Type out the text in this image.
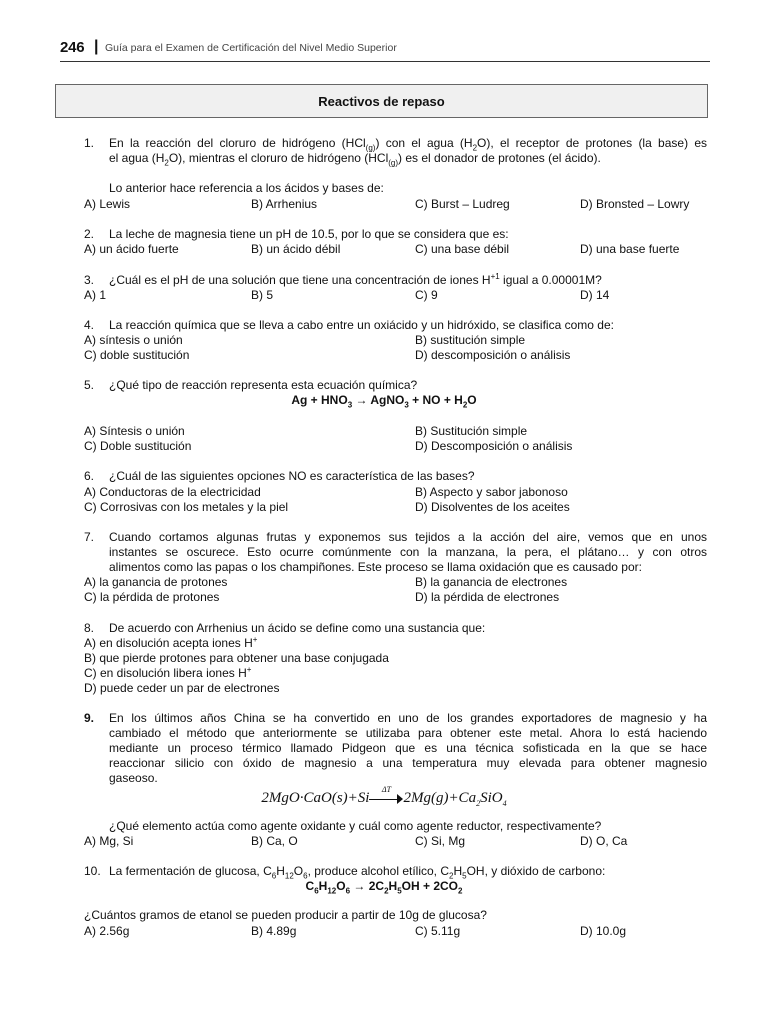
246 | Guía para el Examen de Certificación del Nivel Medio Superior
Reactivos de repaso
1. En la reacción del cloruro de hidrógeno (HCl$_{(g)}$) con el agua $(H_2O)$, el receptor de protones (la base) es
el agua $(H_2O)$, mientras el cloruro de hidrógeno (HCl$_{(g)}$) es el donador de protones (el ácido).
Lo anterior hace referencia a los ácidos y bases de:
A) Lewis	B) Arrhenius	C) Burst – Ludreg	D) Bronsted – Lowry
2. La leche de magnesia tiene un pH de 10.5, por lo que se considera que es:
A) un ácido fuerte	B) un ácido débil	C) una base débil	D) una base fuerte
3. ¿Cuál es el pH de una solución que tiene una concentración de iones $H^{+1}$ igual a 0.00001M?
A) 1	B) 5	C) 9	D) 14
4. La reacción química que se lleva a cabo entre un oxiácido y un hidróxido, se clasifica como de:
A) síntesis o unión	B) sustitución simple
C) doble sustitución	D) descomposición o análisis
5. ¿Qué tipo de reacción representa esta ecuación química?
$Ag + HNO_3$ → AgNO$_3$ + NO + $H_2O$
A) Síntesis o unión	B) Sustitución simple
C) Doble sustitución	D) Descomposición o análisis
6. ¿Cuál de las siguientes opciones NO es característica de las bases?
A) Conductoras de la electricidad	B) Aspecto y sabor jabonoso
C) Corrosivas con los metales y la piel	D) Disolventes de los aceites
7. Cuando cortamos algunas frutas y exponemos sus tejidos a la acción del aire, vemos que en unos
instantes se oscurece. Esto ocurre comúnmente con la manzana, la pera, el plátano… y con otros
alimentos como las papas o los champiñones. Este proceso se llama oxidación que es causado por:
A) la ganancia de protones	B) la ganancia de electrones
C) la pérdida de protones	D) la pérdida de electrones
8. De acuerdo con Arrhenius un ácido se define como una sustancia que:
A) en disolución acepta iones H+
B) que pierde protones para obtener una base conjugada
C) en disolución libera iones H+
D) puede ceder un par de electrones
9. En los últimos años China se ha convertido en uno de los grandes exportadores de magnesio y ha
cambiado el método que anteriormente se utilizaba para obtener este metal. Ahora lo está haciendo
mediante un proceso térmico llamado Pidgeon que es una técnica sofisticada en la que se hace
reaccionar silicio con óxido de magnesio a una temperatura muy elevada para obtener magnesio
gaseoso.
2MgO·CaO(s)+Si
ΔT
$2Mg(g)+Ca_2SiO_4$
¿Qué elemento actúa como agente oxidante y cuál como agente reductor, respectivamente?
A) Mg, Si	B) Ca, O	C) Si, Mg	D) O, Ca
10. La fermentación de glucosa, $C_6H_{12}O_6$, produce alcohol etílico, $C_2H_5OH$, y dióxido de carbono:
$C_6H_{12}O_6 \to 2C_2H_5OH + 2CO_2$
¿Cuántos gramos de etanol se pueden producir a partir de 10g de glucosa?
A) 2.56g	B) 4.89g	C) 5.11g	D) 10.0g
